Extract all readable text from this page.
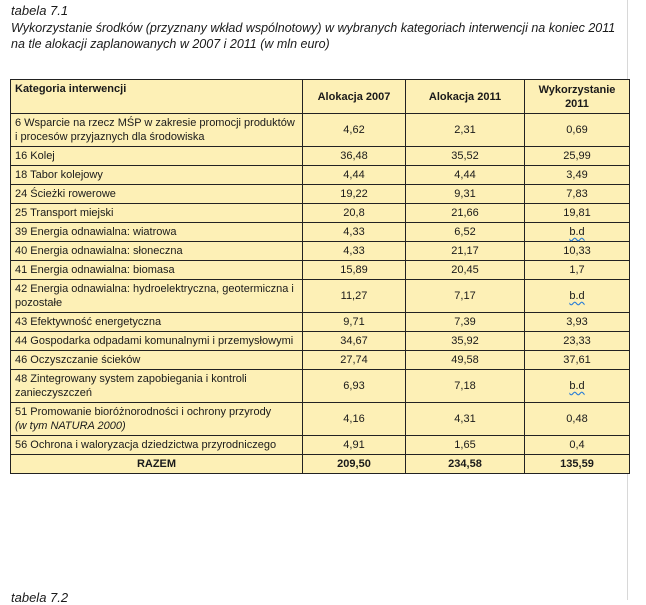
tabela 7.1
Wykorzystanie środków (przyznany wkład wspólnotowy) w wybranych kategoriach interwencji na koniec 2011 na tle alokacji zaplanowanych w 2007 i 2011 (w mln euro)
Kategoria interwencji	Alokacja 2007	Alokacja 2011	Wykorzystanie 2011
6 Wsparcie na rzecz MŚP w zakresie promocji produktów i procesów przyjaznych dla środowiska	4,62	2,31	0,69
16 Kolej	36,48	35,52	25,99
18 Tabor kolejowy	4,44	4,44	3,49
24 Ścieżki rowerowe	19,22	9,31	7,83
25 Transport miejski	20,8	21,66	19,81
39 Energia odnawialna: wiatrowa	4,33	6,52	b.d
40 Energia odnawialna: słoneczna	4,33	21,17	10,33
41 Energia odnawialna: biomasa	15,89	20,45	1,7
42 Energia odnawialna: hydroelektryczna, geotermiczna i pozostałe	11,27	7,17	b.d
43 Efektywność energetyczna	9,71	7,39	3,93
44 Gospodarka odpadami komunalnymi i przemysłowymi	34,67	35,92	23,33
46 Oczyszczanie ścieków	27,74	49,58	37,61
48 Zintegrowany system zapobiegania i kontroli zanieczyszczeń	6,93	7,18	b.d
51 Promowanie bioróżnorodności i ochrony przyrody
(w tym NATURA 2000)	4,16	4,31	0,48
56 Ochrona i waloryzacja dziedzictwa przyrodniczego	4,91	1,65	0,4
RAZEM	209,50	234,58	135,59
tabela 7.2
